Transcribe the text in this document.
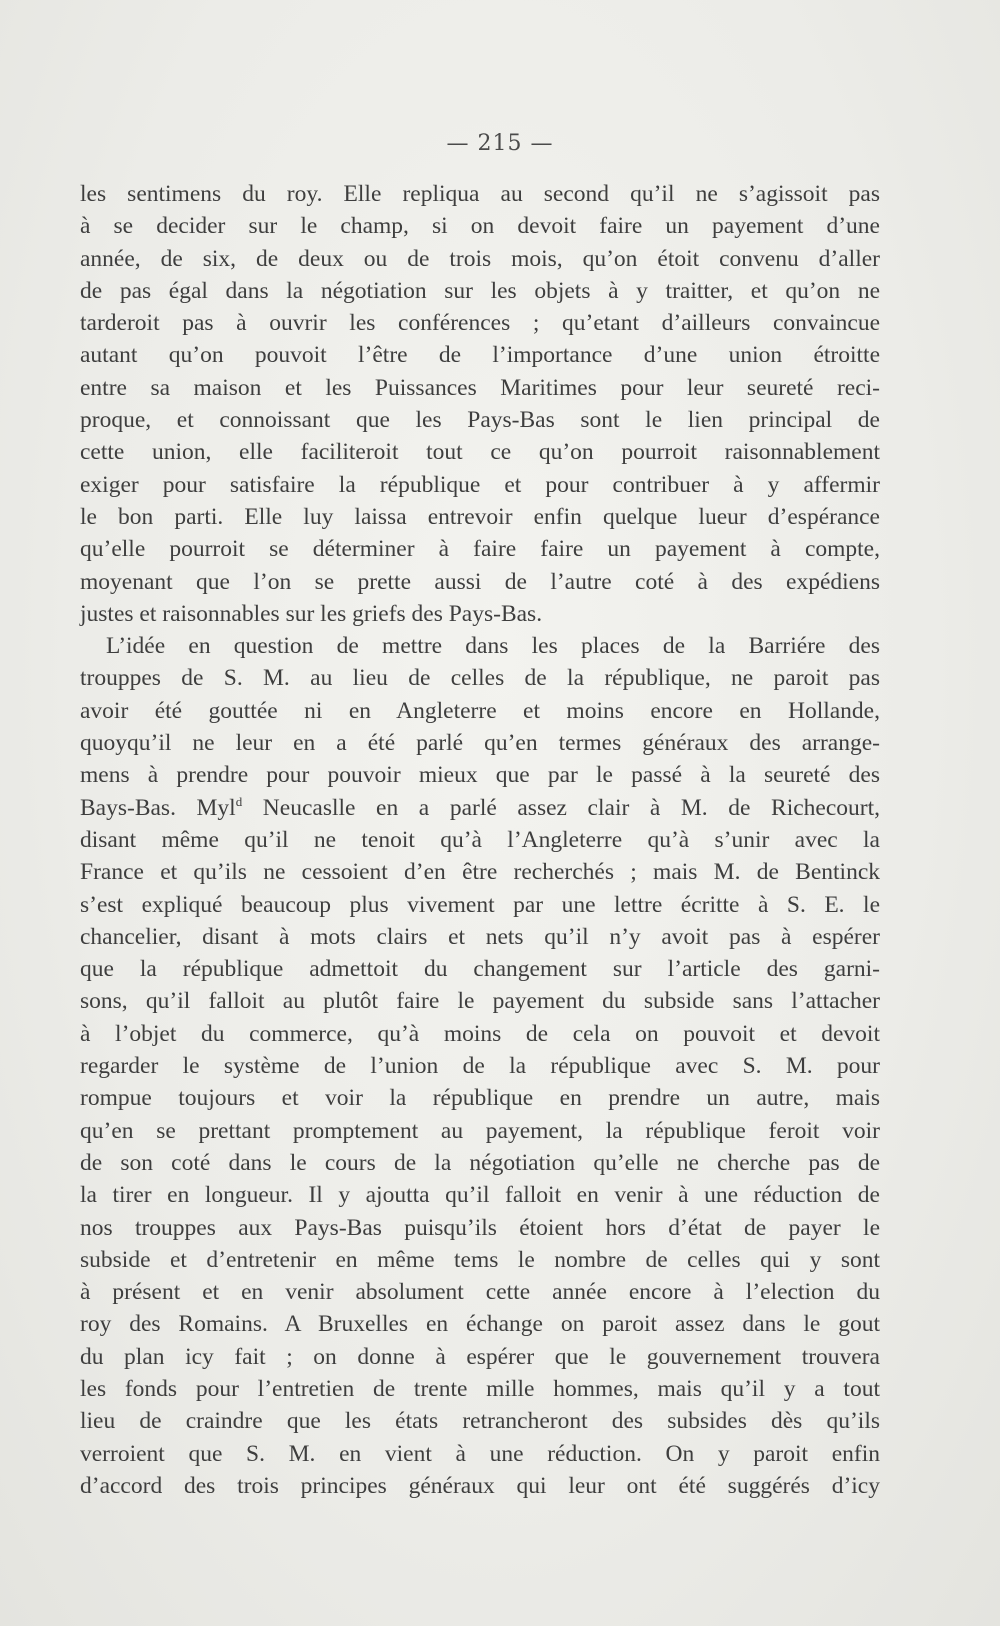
— 215 —
les sentimens du roy. Elle repliqua au second qu’il ne s’agissoit pas
à se decider sur le champ, si on devoit faire un payement d’une
année, de six, de deux ou de trois mois, qu’on étoit convenu d’aller
de pas égal dans la négotiation sur les objets à y traitter, et qu’on ne
tarderoit pas à ouvrir les conférences ; qu’etant d’ailleurs convaincue
autant qu’on pouvoit l’être de l’importance d’une union étroitte
entre sa maison et les Puissances Maritimes pour leur seureté reci-
proque, et connoissant que les Pays-Bas sont le lien principal de
cette union, elle faciliteroit tout ce qu’on pourroit raisonnablement
exiger pour satisfaire la république et pour contribuer à y affermir
le bon parti. Elle luy laissa entrevoir enfin quelque lueur d’espérance
qu’elle pourroit se déterminer à faire faire un payement à compte,
moyenant que l’on se prette aussi de l’autre coté à des expédiens
justes et raisonnables sur les griefs des Pays-Bas.
L’idée en question de mettre dans les places de la Barriére des
trouppes de S. M. au lieu de celles de la république, ne paroit pas
avoir été gouttée ni en Angleterre et moins encore en Hollande,
quoyqu’il ne leur en a été parlé qu’en termes généraux des arrange-
mens à prendre pour pouvoir mieux que par le passé à la seureté des
Bays-Bas. Myl$^d$ Neucaslle en a parlé assez clair à M. de Richecourt,
disant même qu’il ne tenoit qu’à l’Angleterre qu’à s’unir avec la
France et qu’ils ne cessoient d’en être recherchés ; mais M. de Bentinck
s’est expliqué beaucoup plus vivement par une lettre écritte à S. E. le
chancelier, disant à mots clairs et nets qu’il n’y avoit pas à espérer
que la république admettoit du changement sur l’article des garni-
sons, qu’il falloit au plutôt faire le payement du subside sans l’attacher
à l’objet du commerce, qu’à moins de cela on pouvoit et devoit
regarder le système de l’union de la république avec S. M. pour
rompue toujours et voir la république en prendre un autre, mais
qu’en se prettant promptement au payement, la république feroit voir
de son coté dans le cours de la négotiation qu’elle ne cherche pas de
la tirer en longueur. Il y ajoutta qu’il falloit en venir à une réduction de
nos trouppes aux Pays-Bas puisqu’ils étoient hors d’état de payer le
subside et d’entretenir en même tems le nombre de celles qui y sont
à présent et en venir absolument cette année encore à l’election du
roy des Romains. A Bruxelles en échange on paroit assez dans le gout
du plan icy fait ; on donne à espérer que le gouvernement trouvera
les fonds pour l’entretien de trente mille hommes, mais qu’il y a tout
lieu de craindre que les états retrancheront des subsides dès qu’ils
verroient que S. M. en vient à une réduction. On y paroit enfin
d’accord des trois principes généraux qui leur ont été suggérés d’icy
